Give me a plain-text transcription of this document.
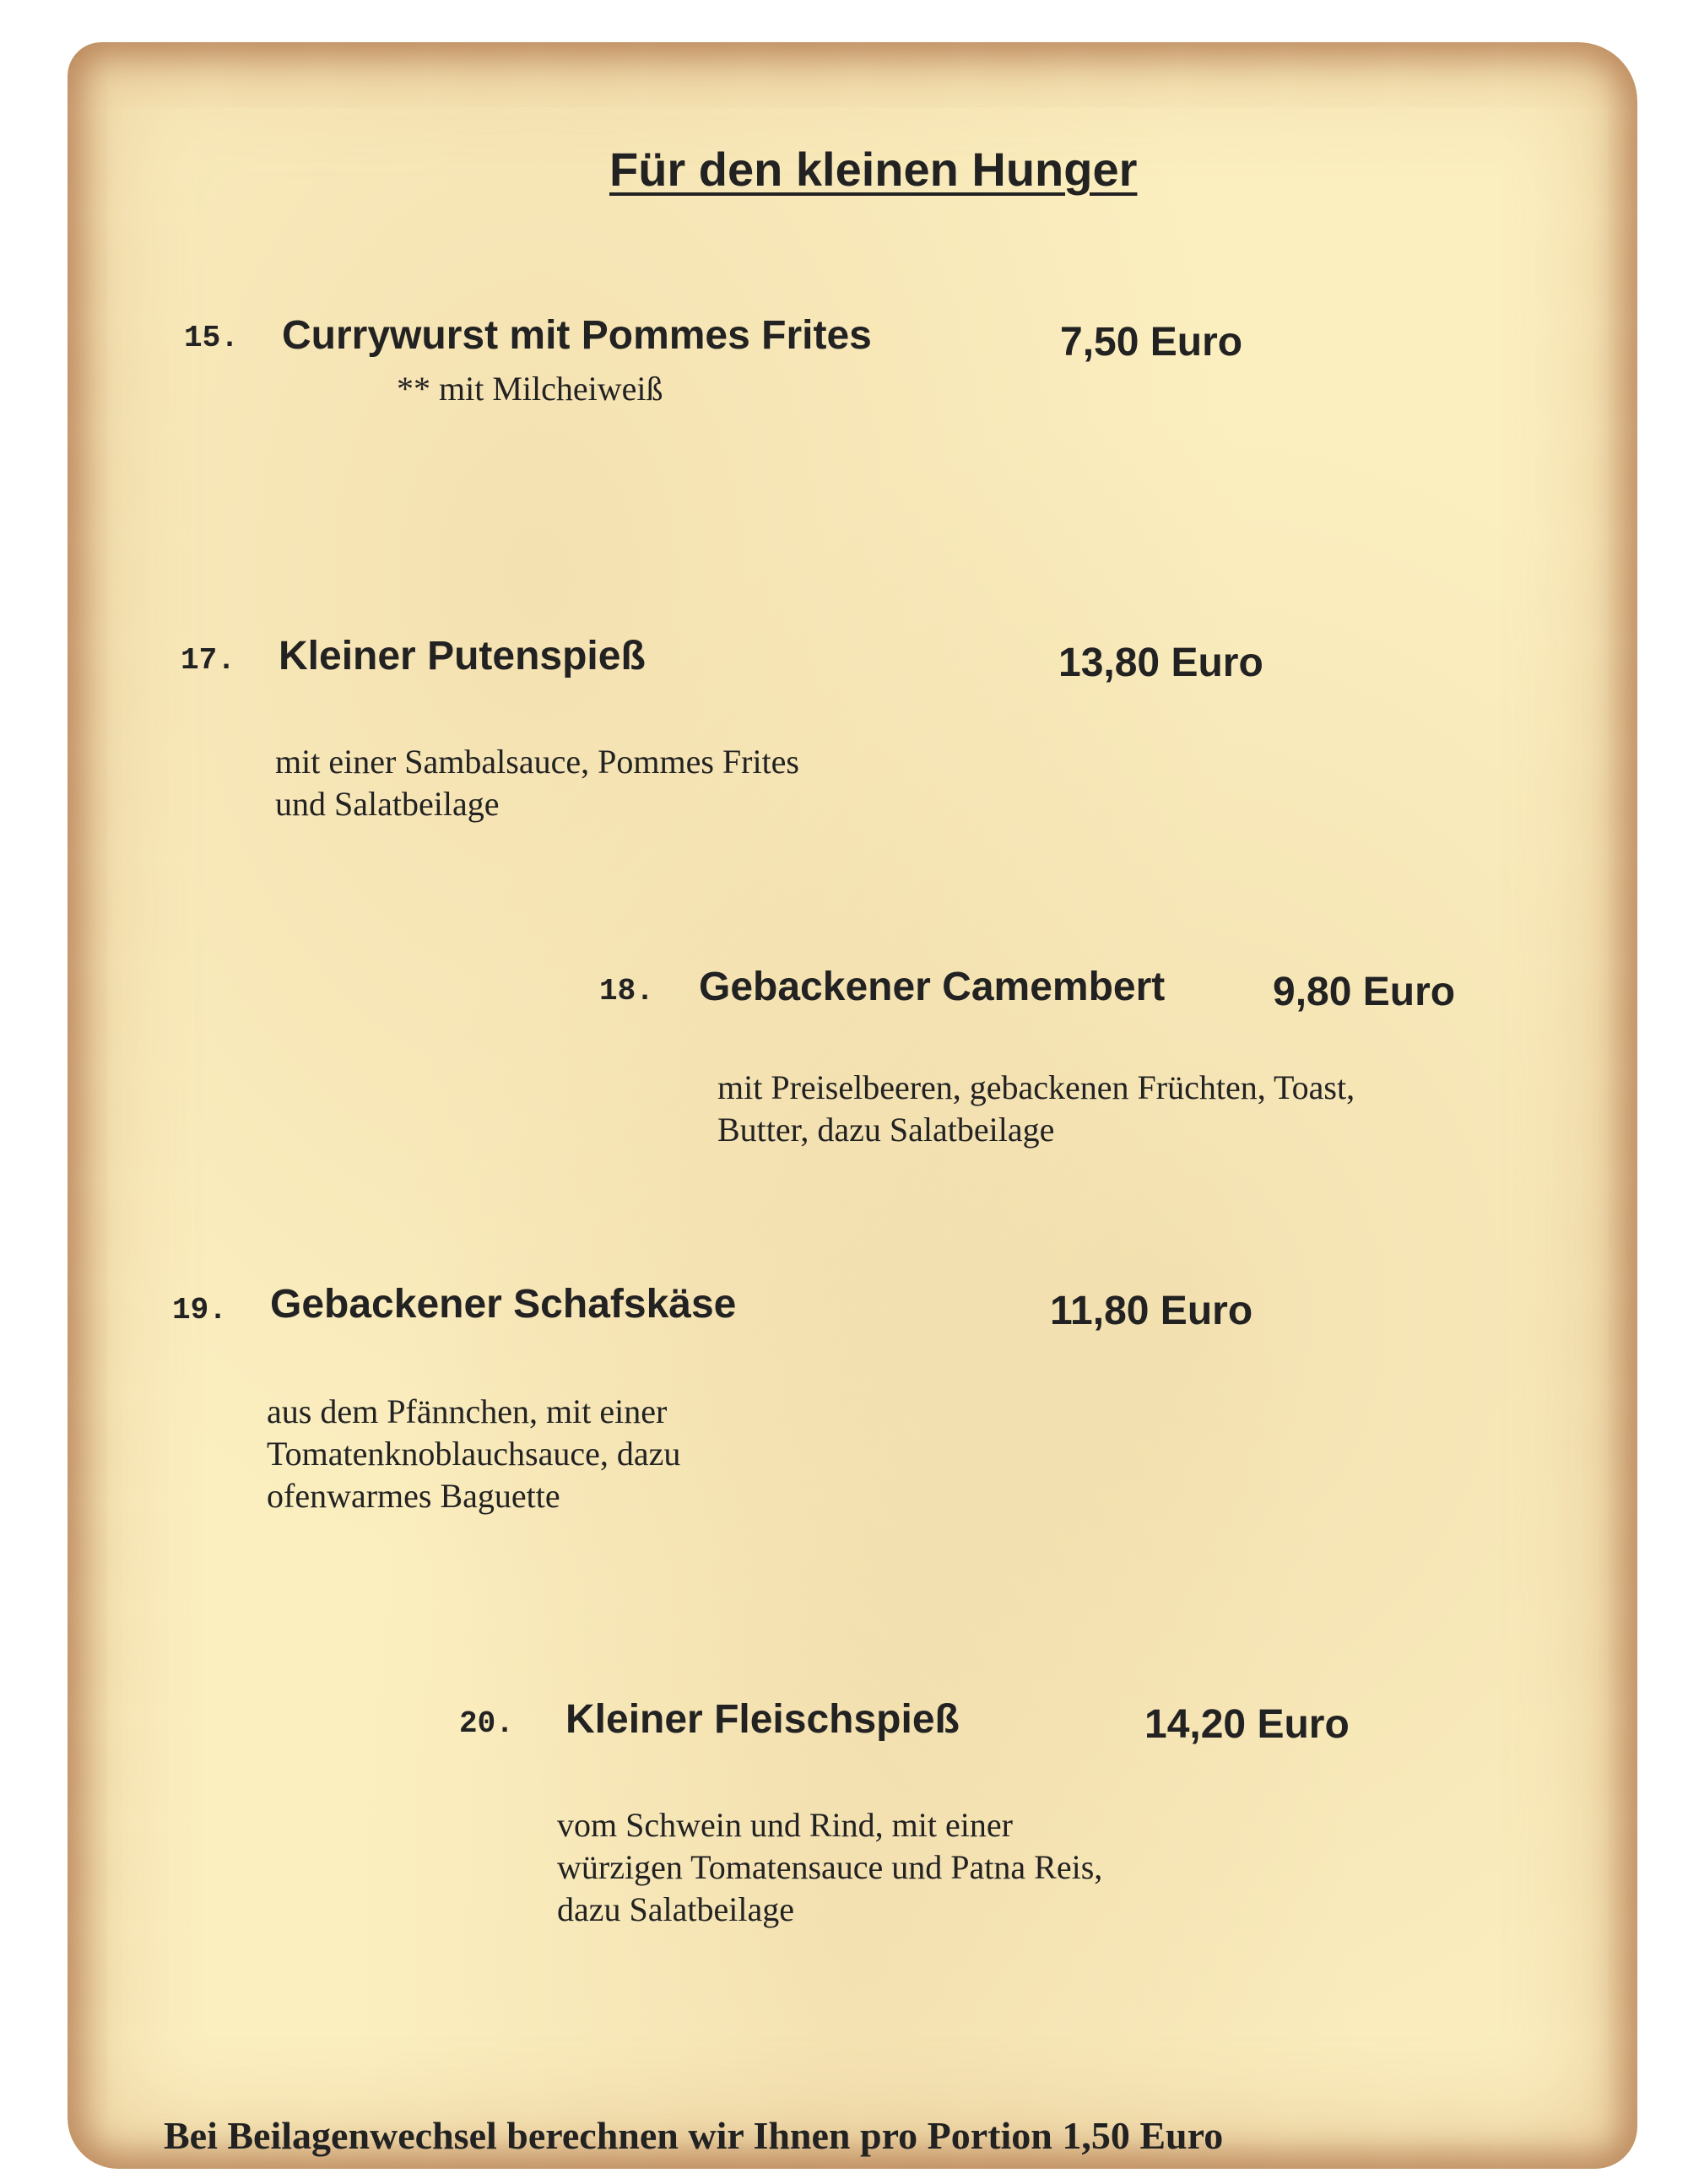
Für den kleinen Hunger
15. Currywurst mit Pommes Frites	7,50 Euro
** mit Milcheiweiß
17. Kleiner Putenspieß	13,80 Euro
mit einer Sambalsauce, Pommes Frites
und Salatbeilage
18. Gebackener Camembert	9,80 Euro
mit Preiselbeeren, gebackenen Früchten, Toast,
Butter, dazu Salatbeilage
19. Gebackener Schafskäse	11,80 Euro
aus dem Pfännchen, mit einer
Tomatenknoblauchsauce, dazu
ofenwarmes Baguette
20. Kleiner Fleischspieß	14,20 Euro
vom Schwein und Rind, mit einer
würzigen Tomatensauce und Patna Reis,
dazu Salatbeilage
Bei Beilagenwechsel berechnen wir Ihnen pro Portion 1,50 Euro
